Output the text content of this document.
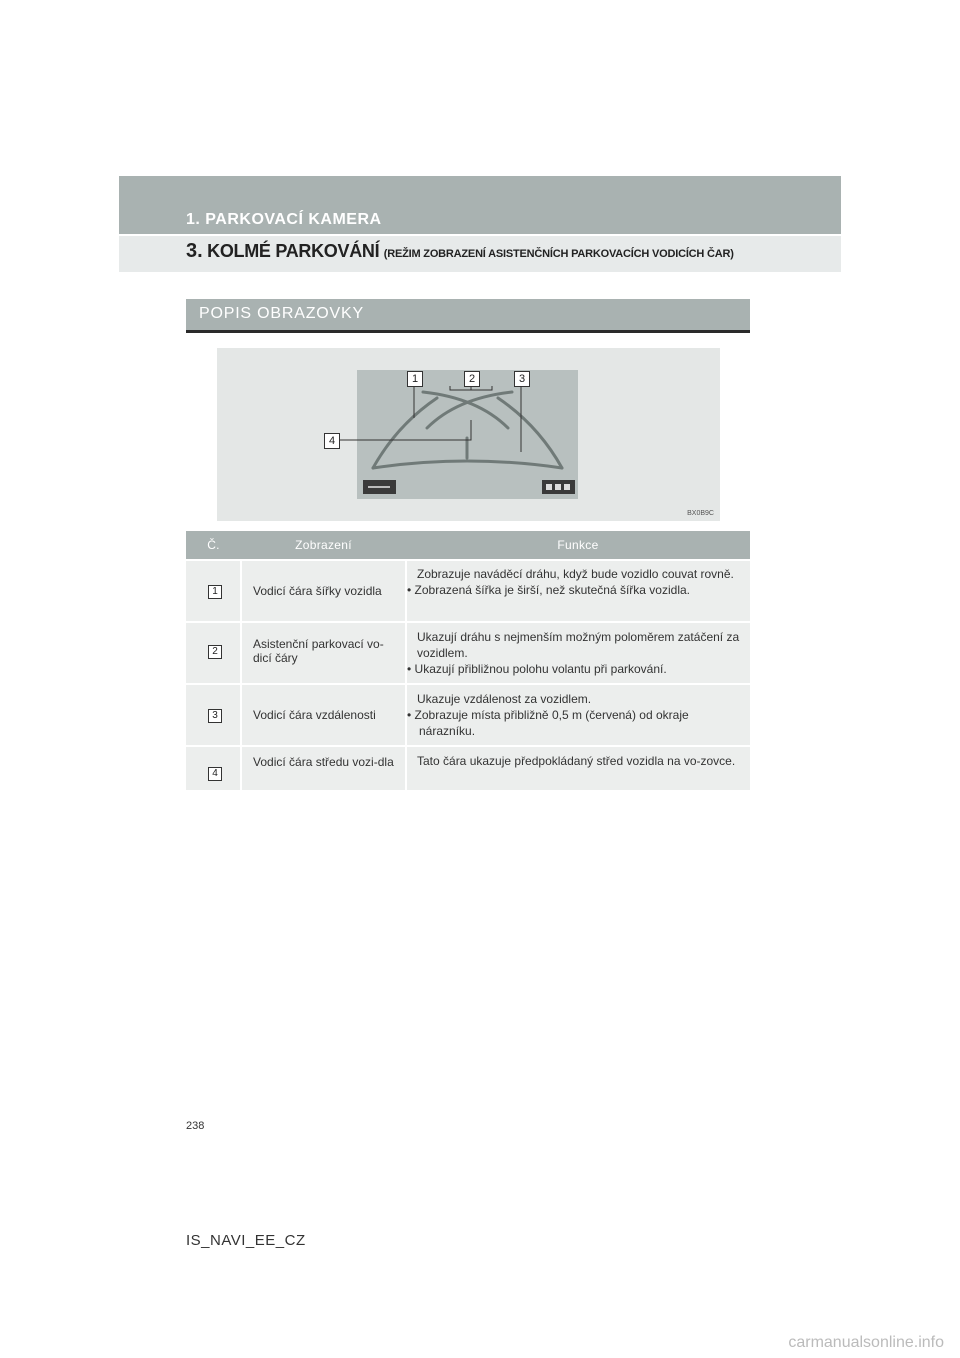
1. PARKOVACÍ KAMERA
3. KOLMÉ PARKOVÁNÍ (REŽIM ZOBRAZENÍ ASISTENČNÍCH PARKOVACÍCH VODICÍCH ČAR)
POPIS OBRAZOVKY
1	2	3
4
BX0B9C
Č.	Zobrazení	Funkce
1	Vodicí čára šířky vozidla	Zobrazuje naváděcí dráhu, když bude vozidlo couvat rovně.
• Zobrazená šířka je širší, než skutečná šířka vozidla.

2	Asistenční parkovací vo-dicí čáry	Ukazují dráhu s nejmenším možným poloměrem zatáčení za vozidlem.
• Ukazují přibližnou polohu volantu při parkování.

3	Vodicí čára vzdálenosti	Ukazuje vzdálenost za vozidlem.
• Zobrazuje místa přibližně 0,5 m (červená) od okraje nárazníku.

4	Vodicí čára středu vozi-dla	Tato čára ukazuje předpokládaný střed vozidla na vo-zovce.
238
IS_NAVI_EE_CZ
carmanualsonline.info
